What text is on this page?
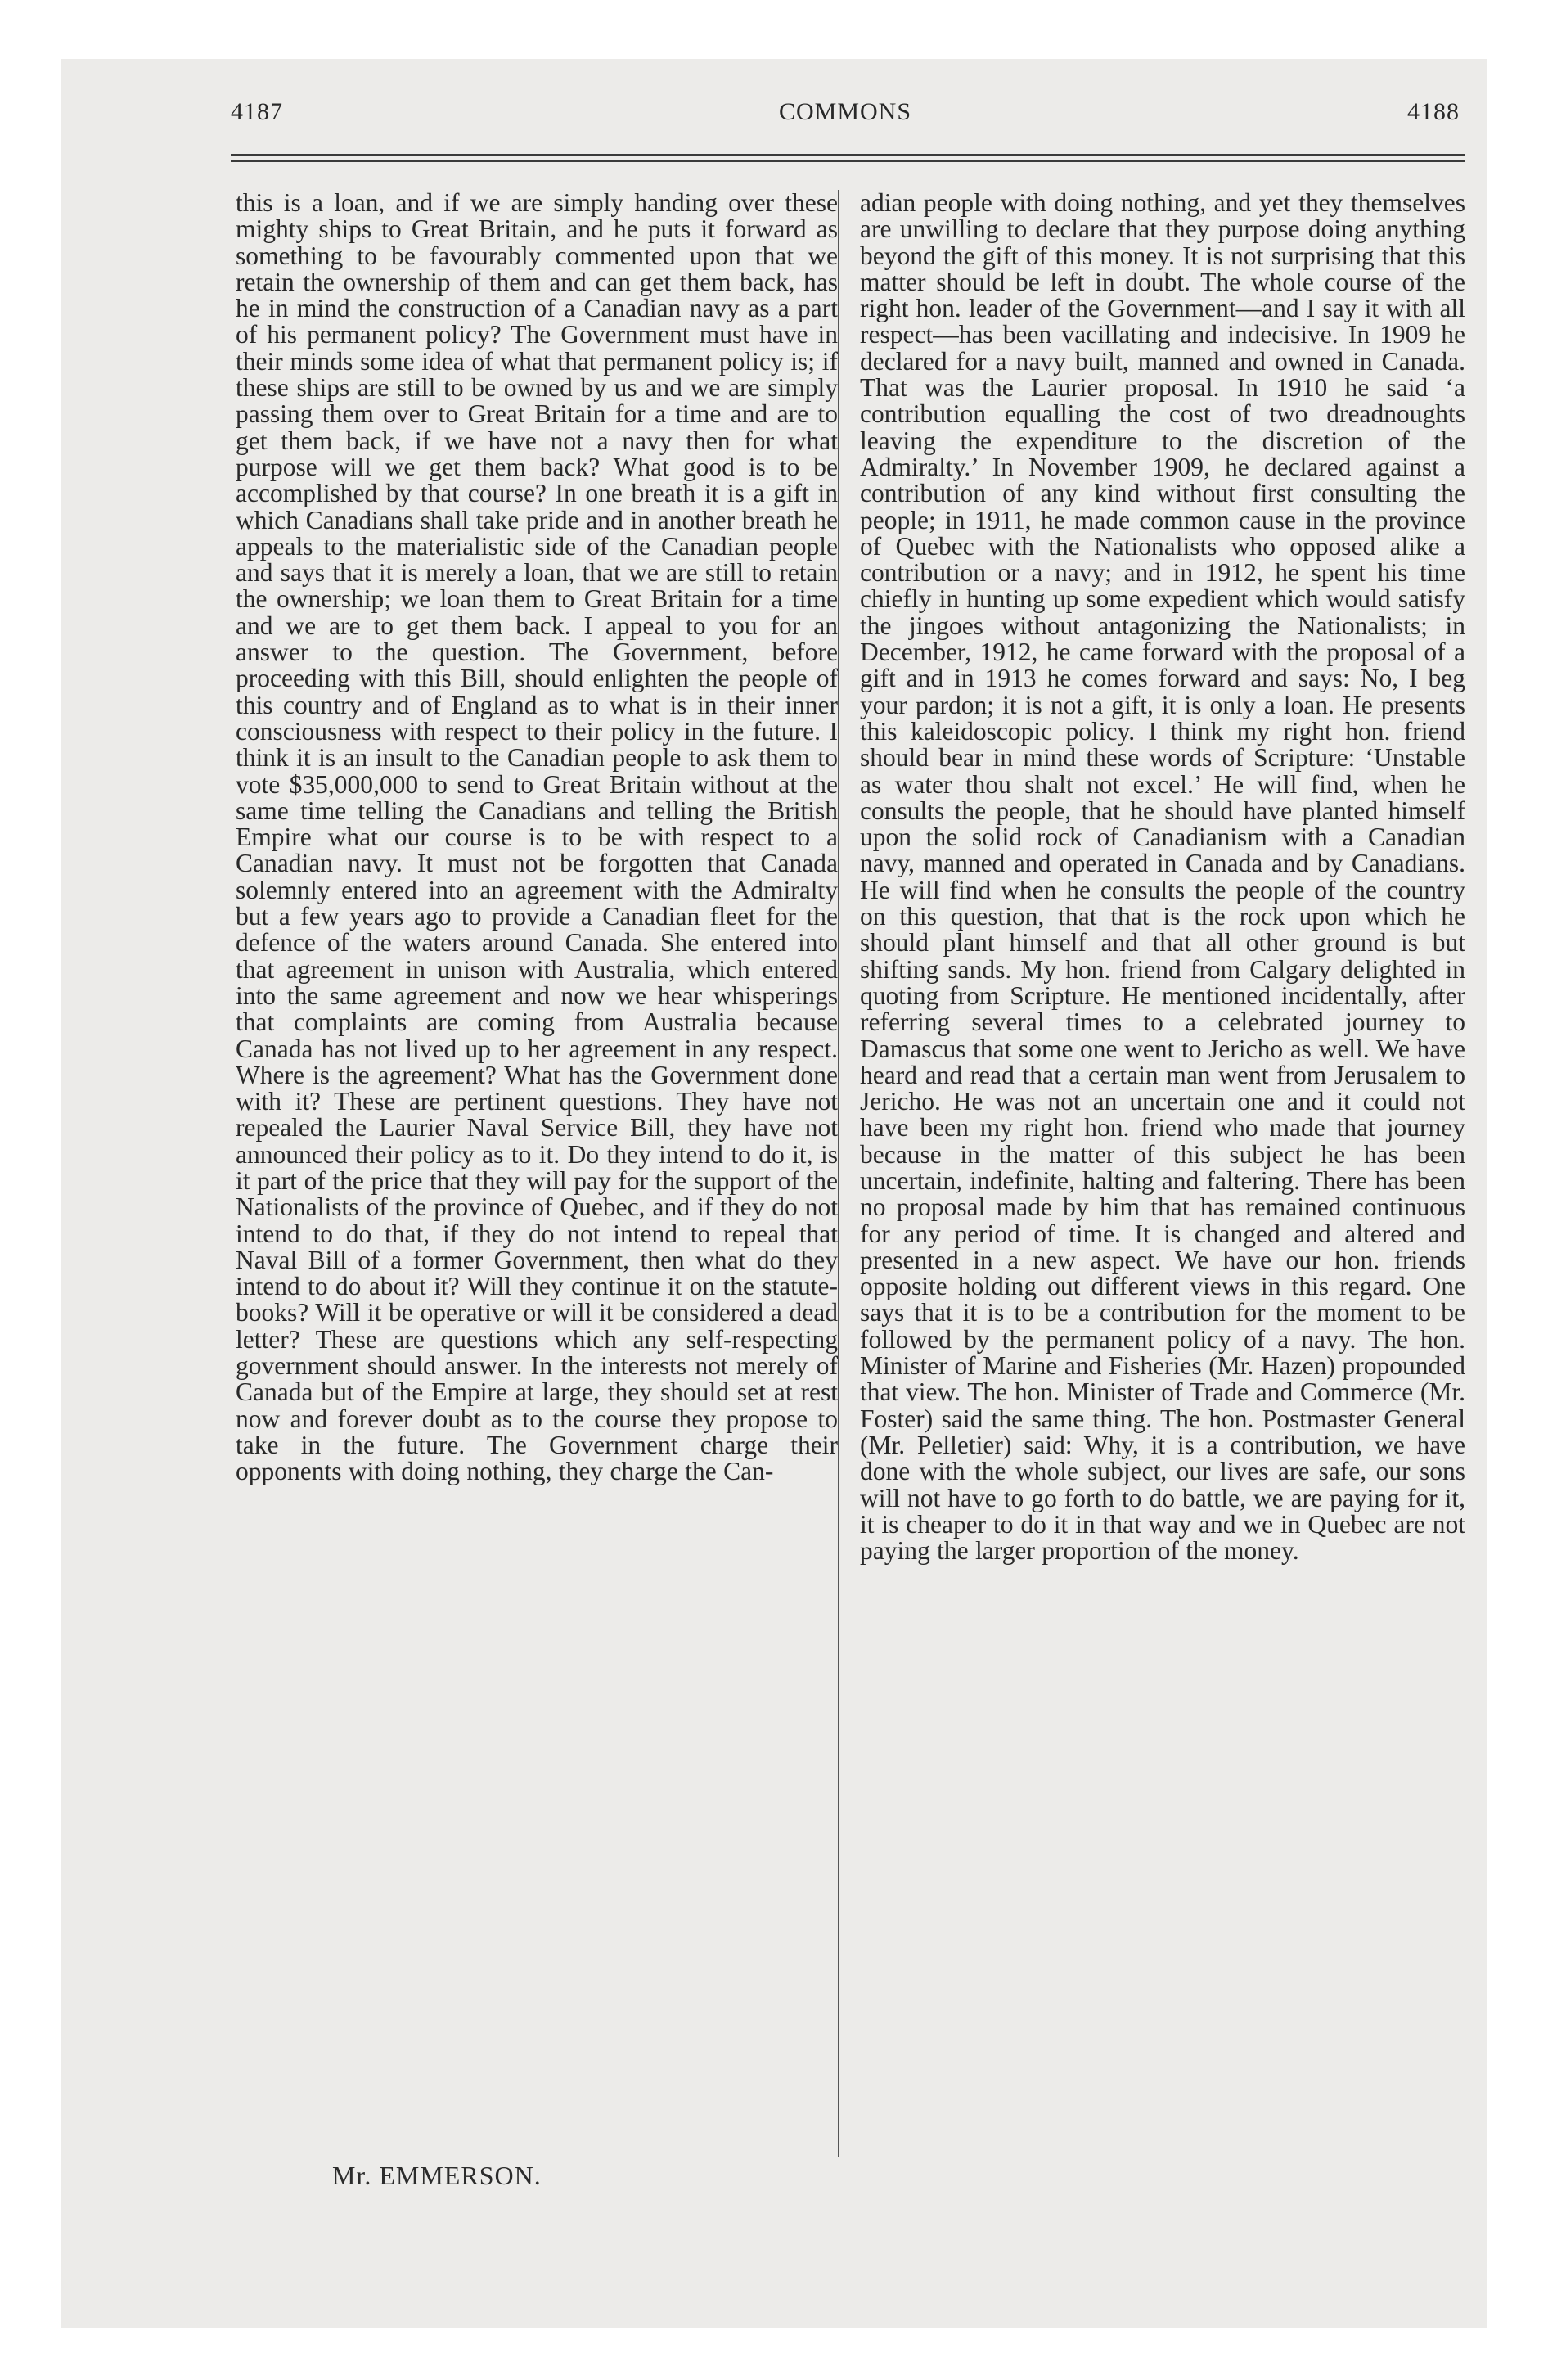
4187	COMMONS	4188
this is a loan, and if we are simply handing over these mighty ships to Great Britain, and he puts it forward as something to be favourably commented upon that we retain the ownership of them and can get them back, has he in mind the construction of a Canadian navy as a part of his permanent policy? The Government must have in their minds some idea of what that permanent policy is; if these ships are still to be owned by us and we are simply passing them over to Great Britain for a time and are to get them back, if we have not a navy then for what purpose will we get them back? What good is to be accomplished by that course? In one breath it is a gift in which Canadians shall take pride and in another breath he appeals to the materialistic side of the Canadian people and says that it is merely a loan, that we are still to retain the ownership; we loan them to Great Britain for a time and we are to get them back. I appeal to you for an answer to the question. The Government, before proceeding with this Bill, should enlighten the people of this country and of England as to what is in their inner consciousness with respect to their policy in the future. I think it is an insult to the Canadian people to ask them to vote $35,000,000 to send to Great Britain without at the same time telling the Canadians and telling the British Empire what our course is to be with respect to a Canadian navy. It must not be forgotten that Canada solemnly entered into an agreement with the Admiralty but a few years ago to provide a Canadian fleet for the defence of the waters around Canada. She entered into that agreement in unison with Australia, which entered into the same agreement and now we hear whisperings that complaints are coming from Australia because Canada has not lived up to her agreement in any respect. Where is the agreement? What has the Government done with it? These are pertinent questions. They have not repealed the Laurier Naval Service Bill, they have not announced their policy as to it. Do they intend to do it, is it part of the price that they will pay for the support of the Nationalists of the province of Quebec, and if they do not intend to do that, if they do not intend to repeal that Naval Bill of a former Government, then what do they intend to do about it? Will they continue it on the statute-books? Will it be operative or will it be considered a dead letter? These are questions which any self-respecting government should answer. In the interests not merely of Canada but of the Empire at large, they should set at rest now and forever doubt as to the course they propose to take in the future. The Government charge their opponents with doing nothing, they charge the Can-
adian people with doing nothing, and yet they themselves are unwilling to declare that they purpose doing anything beyond the gift of this money. It is not surprising that this matter should be left in doubt. The whole course of the right hon. leader of the Government—and I say it with all respect—has been vacillating and indecisive. In 1909 he declared for a navy built, manned and owned in Canada. That was the Laurier proposal. In 1910 he said ‘a contribution equalling the cost of two dreadnoughts leaving the expenditure to the discretion of the Admiralty.’ In November 1909, he declared against a contribution of any kind without first consulting the people; in 1911, he made common cause in the province of Quebec with the Nationalists who opposed alike a contribution or a navy; and in 1912, he spent his time chiefly in hunting up some expedient which would satisfy the jingoes without antagonizing the Nationalists; in December, 1912, he came forward with the proposal of a gift and in 1913 he comes forward and says: No, I beg your pardon; it is not a gift, it is only a loan. He presents this kaleidoscopic policy. I think my right hon. friend should bear in mind these words of Scripture: ‘Unstable as water thou shalt not excel.’ He will find, when he consults the people, that he should have planted himself upon the solid rock of Canadianism with a Canadian navy, manned and operated in Canada and by Canadians. He will find when he consults the people of the country on this question, that that is the rock upon which he should plant himself and that all other ground is but shifting sands. My hon. friend from Calgary delighted in quoting from Scripture. He mentioned incidentally, after referring several times to a celebrated journey to Damascus that some one went to Jericho as well. We have heard and read that a certain man went from Jerusalem to Jericho. He was not an uncertain one and it could not have been my right hon. friend who made that journey because in the matter of this subject he has been uncertain, indefinite, halting and faltering. There has been no proposal made by him that has remained continuous for any period of time. It is changed and altered and presented in a new aspect. We have our hon. friends opposite holding out different views in this regard. One says that it is to be a contribution for the moment to be followed by the permanent policy of a navy. The hon. Minister of Marine and Fisheries (Mr. Hazen) propounded that view. The hon. Minister of Trade and Commerce (Mr. Foster) said the same thing. The hon. Postmaster General (Mr. Pelletier) said: Why, it is a contribution, we have done with the whole subject, our lives are safe, our sons will not have to go forth to do battle, we are paying for it, it is cheaper to do it in that way and we in Quebec are not paying the larger proportion of the money.
Mr. EMMERSON.
